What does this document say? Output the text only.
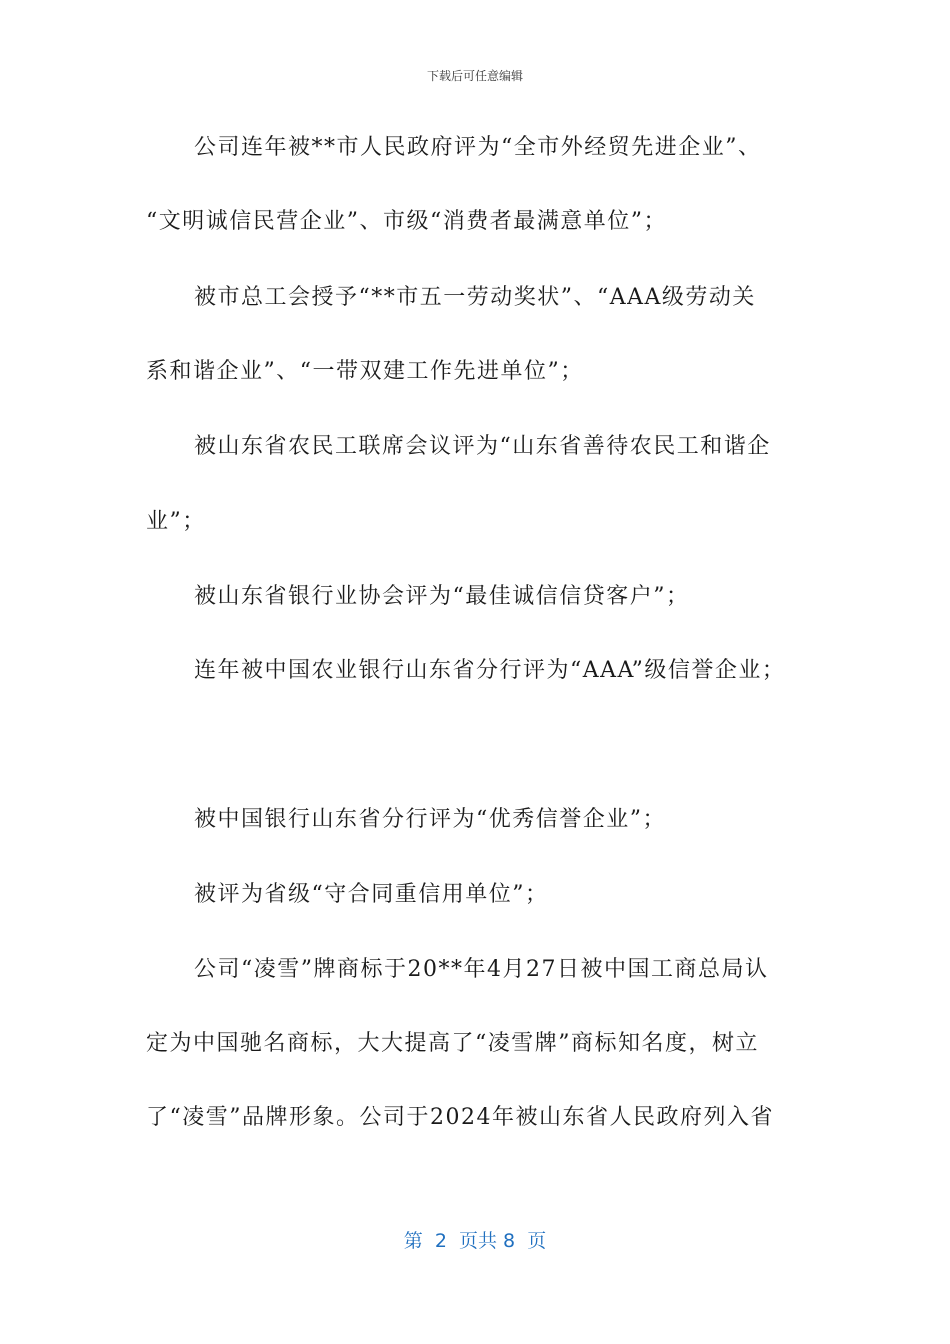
下载后可任意编辑
公司连年被**市人民政府评为“全市外经贸先进企业”、
“文明诚信民营企业”、市级“消费者最满意单位”；
被市总工会授予“**市五一劳动奖状”、“AAA级劳动关
系和谐企业”、“一带双建工作先进单位”；
被山东省农民工联席会议评为“山东省善待农民工和谐企
业”；
被山东省银行业协会评为“最佳诚信信贷客户”；
连年被中国农业银行山东省分行评为“AAA”级信誉企业；
被中国银行山东省分行评为“优秀信誉企业”；
被评为省级“守合同重信用单位”；
公司“凌雪”牌商标于20**年4月27日被中国工商总局认
定为中国驰名商标，大大提高了“凌雪牌”商标知名度，树立
了“凌雪”品牌形象。公司于2024年被山东省人民政府列入省
第  2  页共 8  页
